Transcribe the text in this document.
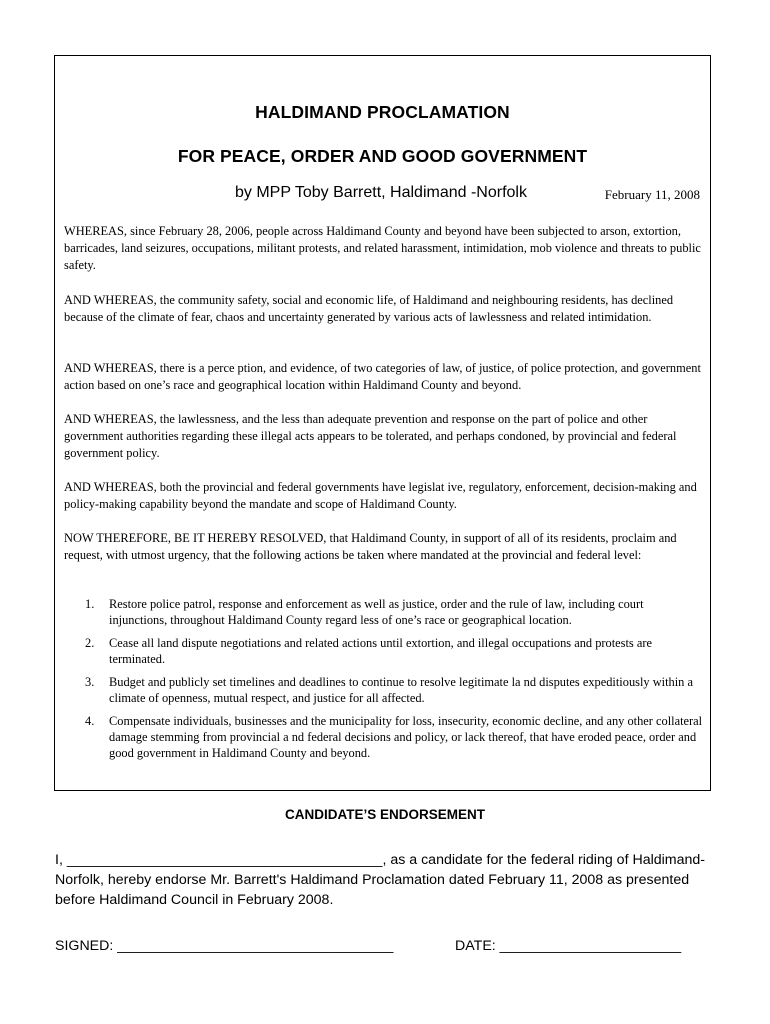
HALDIMAND PROCLAMATION
FOR PEACE, ORDER AND GOOD GOVERNMENT
by MPP Toby Barrett, Haldimand -Norfolk	February 11, 2008

WHEREAS, since February 28, 2006, people across Haldimand County and beyond have been subjected to arson, extortion, barricades, land seizures, occupations, militant protests, and related harassment, intimidation, mob violence and threats to public safety.

AND WHEREAS, the community safety, social and economic life, of Haldimand and neighbouring residents, has declined because of the climate of fear, chaos and uncertainty generated by various acts of lawlessness and related intimidation.

AND WHEREAS, there is a perce ption, and evidence, of two categories of law, of justice, of police protection, and government action based on one’s race and geographical location within Haldimand County and beyond.

AND WHEREAS, the lawlessness, and the less than adequate prevention and response on the part of police and other government authorities regarding these illegal acts appears to be tolerated, and perhaps condoned, by provincial and federal government policy.

AND WHEREAS, both the provincial and federal governments have legislat ive, regulatory, enforcement, decision-making and policy-making capability beyond the mandate and scope of Haldimand County.

NOW THEREFORE, BE IT HEREBY RESOLVED, that Haldimand County, in support of all of its residents, proclaim and request, with utmost urgency, that the following actions be taken where mandated at the provincial and federal level:

1. Restore police patrol, response and enforcement as well as justice, order and the rule of law, including court injunctions, throughout Haldimand County regard less of one’s race or geographical location.
2. Cease all land dispute negotiations and related actions until extortion, and illegal occupations and protests are terminated.
3. Budget and publicly set timelines and deadlines to continue to resolve legitimate la nd disputes expeditiously within a climate of openness, mutual respect, and justice for all affected.
4. Compensate individuals, businesses and the municipality for loss, insecurity, economic decline, and any other collateral damage stemming from provincial a nd federal decisions and policy, or lack thereof, that have eroded peace, order and good government in Haldimand County and beyond.
CANDIDATE’S ENDORSEMENT

I, ________________________________________, as a candidate for the federal riding of Haldimand-Norfolk, hereby endorse Mr. Barrett's Haldimand Proclamation dated February 11, 2008 as presented before Haldimand Council in February 2008.

SIGNED: ___________________________________	DATE: _______________________
